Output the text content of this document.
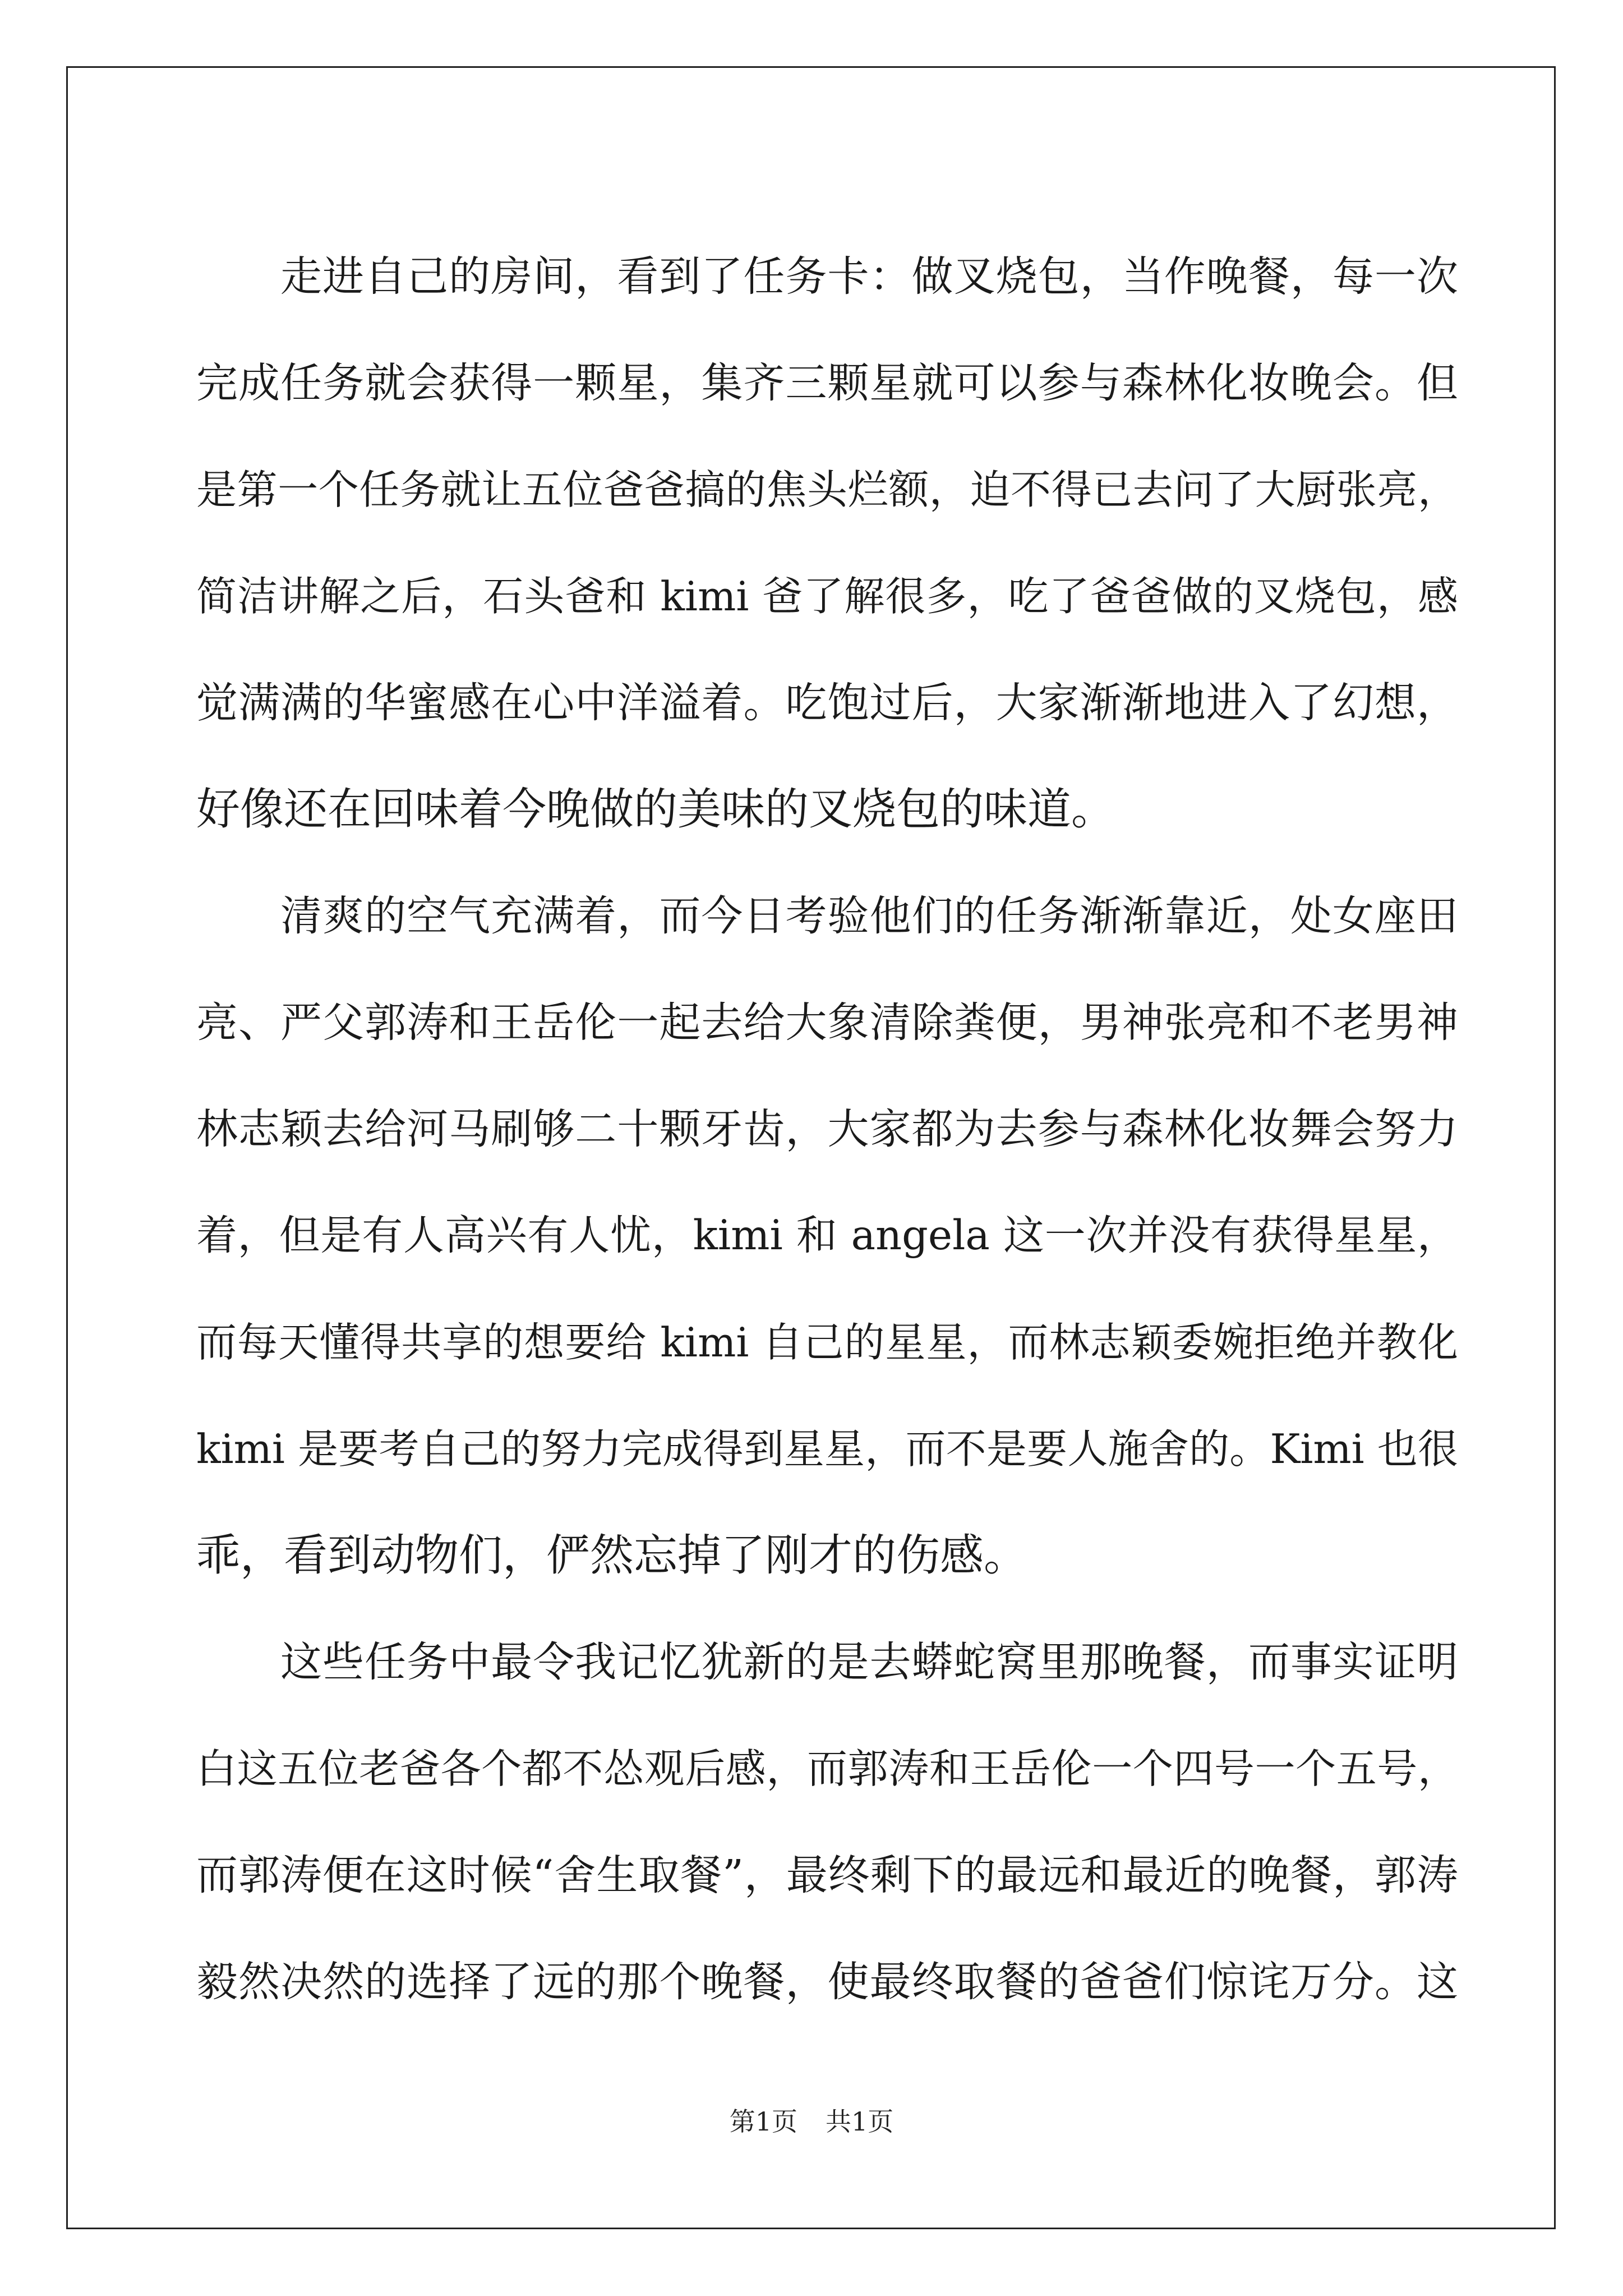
走进自己的房间，看到了任务卡：做叉烧包，当作晚餐，每一次
完成任务就会获得一颗星，集齐三颗星就可以参与森林化妆晚会。但
是第一个任务就让五位爸爸搞的焦头烂额，迫不得已去问了大厨张亮，
简洁讲解之后，石头爸和 kimi 爸了解很多，吃了爸爸做的叉烧包，感
觉满满的华蜜感在心中洋溢着。吃饱过后，大家渐渐地进入了幻想，
好像还在回味着今晚做的美味的叉烧包的味道。
清爽的空气充满着，而今日考验他们的任务渐渐靠近，处女座田
亮、严父郭涛和王岳伦一起去给大象清除粪便，男神张亮和不老男神
林志颖去给河马刷够二十颗牙齿，大家都为去参与森林化妆舞会努力
着，但是有人高兴有人忧，kimi 和 angela 这一次并没有获得星星，
而每天懂得共享的想要给 kimi 自己的星星，而林志颖委婉拒绝并教化
kimi 是要考自己的努力完成得到星星，而不是要人施舍的。Kimi 也很
乖，看到动物们，俨然忘掉了刚才的伤感。
这些任务中最令我记忆犹新的是去蟒蛇窝里那晚餐，而事实证明
白这五位老爸各个都不怂观后感，而郭涛和王岳伦一个四号一个五号，
而郭涛便在这时候“舍生取餐”，最终剩下的最远和最近的晚餐，郭涛
毅然决然的选择了远的那个晚餐，使最终取餐的爸爸们惊诧万分。这
第1页 共1页
